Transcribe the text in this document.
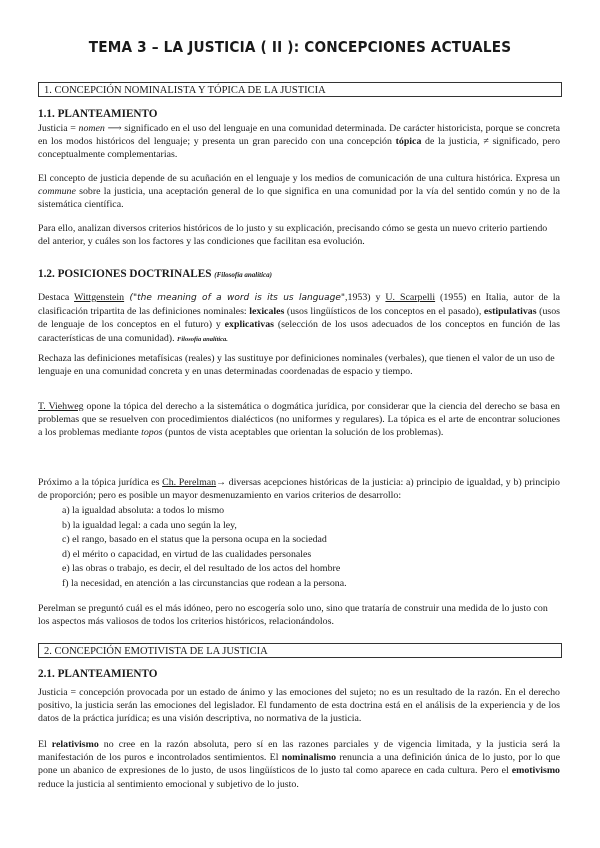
TEMA 3 – LA JUSTICIA ( II ): CONCEPCIONES ACTUALES
1. CONCEPCIÓN NOMINALISTA Y TÓPICA DE LA JUSTICIA
1.1. PLANTEAMIENTO
Justicia = nomen ⟶ significado en el uso del lenguaje en una comunidad determinada. De carácter historicista, porque se concreta en los modos históricos del lenguaje; y presenta un gran parecido con una concepción tópica de la justicia, ≠ significado, pero conceptualmente complementarias.
El concepto de justicia depende de su acuñación en el lenguaje y los medios de comunicación de una cultura histórica. Expresa un commune sobre la justicia, una aceptación general de lo que significa en una comunidad por la vía del sentido común y no de la sistemática científica.
Para ello, analizan diversos criterios históricos de lo justo y su explicación, precisando cómo se gesta un nuevo criterio partiendo del anterior, y cuáles son los factores y las condiciones que facilitan esa evolución.
1.2. POSICIONES DOCTRINALES (Filosofía analítica)
Destaca Wittgenstein ("the meaning of a word is its us language",1953) y U. Scarpelli (1955) en Italia, autor de la clasificación tripartita de las definiciones nominales: lexicales (usos lingüísticos de los conceptos en el pasado), estipulativas (usos de lenguaje de los conceptos en el futuro) y explicativas (selección de los usos adecuados de los conceptos en función de las características de una comunidad). Filosofía analítica.
Rechaza las definiciones metafísicas (reales) y las sustituye por definiciones nominales (verbales), que tienen el valor de un uso de lenguaje en una comunidad concreta y en unas determinadas coordenadas de espacio y tiempo.
T. Viehweg opone la tópica del derecho a la sistemática o dogmática jurídica, por considerar que la ciencia del derecho se basa en problemas que se resuelven con procedimientos dialécticos (no uniformes y regulares). La tópica es el arte de encontrar soluciones a los problemas mediante topos (puntos de vista aceptables que orientan la solución de los problemas).
Próximo a la tópica jurídica es Ch. Perelman→ diversas acepciones históricas de la justicia: a) principio de igualdad, y b) principio de proporción; pero es posible un mayor desmenuzamiento en varios criterios de desarrollo:
a) la igualdad absoluta: a todos lo mismo
b) la igualdad legal: a cada uno según la ley,
c) el rango, basado en el status que la persona ocupa en la sociedad
d) el mérito o capacidad, en virtud de las cualidades personales
e) las obras o trabajo, es decir, el del resultado de los actos del hombre
f) la necesidad, en atención a las circunstancias que rodean a la persona.
Perelman se preguntó cuál es el más idóneo, pero no escogería solo uno, sino que trataría de construir una medida de lo justo con los aspectos más valiosos de todos los criterios históricos, relacionándolos.
2. CONCEPCIÓN EMOTIVISTA DE LA JUSTICIA
2.1. PLANTEAMIENTO
Justicia = concepción provocada por un estado de ánimo y las emociones del sujeto; no es un resultado de la razón. En el derecho positivo, la justicia serán las emociones del legislador. El fundamento de esta doctrina está en el análisis de la experiencia y de los datos de la práctica jurídica; es una visión descriptiva, no normativa de la justicia.
El relativismo no cree en la razón absoluta, pero sí en las razones parciales y de vigencia limitada, y la justicia será la manifestación de los puros e incontrolados sentimientos. El nominalismo renuncia a una definición única de lo justo, por lo que pone un abanico de expresiones de lo justo, de usos lingüísticos de lo justo tal como aparece en cada cultura. Pero el emotivismo reduce la justicia al sentimiento emocional y subjetivo de lo justo.
